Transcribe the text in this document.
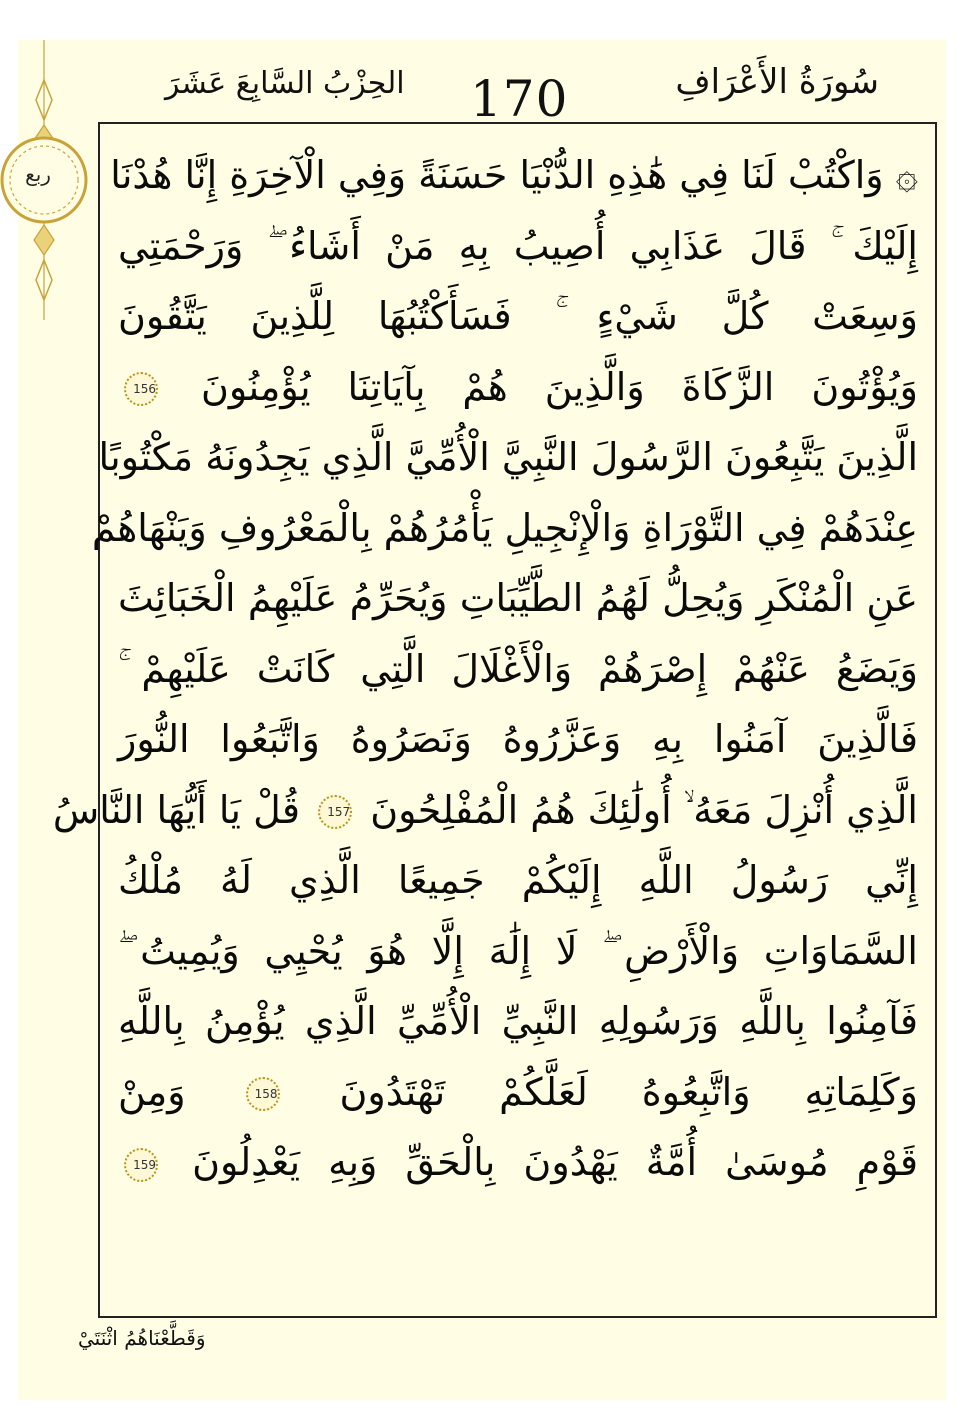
ربع
سُورَةُ الأَعْرَافِ
170
الحِزْبُ السَّابِعَ عَشَرَ
۞ وَاكْتُبْ لَنَا فِي هَٰذِهِ الدُّنْيَا حَسَنَةً وَفِي الْآخِرَةِ إِنَّا هُدْنَا
إِلَيْكَ ۚ قَالَ عَذَابِي أُصِيبُ بِهِ مَنْ أَشَاءُ ۖ وَرَحْمَتِي
وَسِعَتْ كُلَّ شَيْءٍ ۚ فَسَأَكْتُبُهَا لِلَّذِينَ يَتَّقُونَ
وَيُؤْتُونَ الزَّكَاةَ وَالَّذِينَ هُمْ بِآيَاتِنَا يُؤْمِنُونَ 156
الَّذِينَ يَتَّبِعُونَ الرَّسُولَ النَّبِيَّ الْأُمِّيَّ الَّذِي يَجِدُونَهُ مَكْتُوبًا
عِنْدَهُمْ فِي التَّوْرَاةِ وَالْإِنْجِيلِ يَأْمُرُهُمْ بِالْمَعْرُوفِ وَيَنْهَاهُمْ
عَنِ الْمُنْكَرِ وَيُحِلُّ لَهُمُ الطَّيِّبَاتِ وَيُحَرِّمُ عَلَيْهِمُ الْخَبَائِثَ
وَيَضَعُ عَنْهُمْ إِصْرَهُمْ وَالْأَغْلَالَ الَّتِي كَانَتْ عَلَيْهِمْ ۚ
فَالَّذِينَ آمَنُوا بِهِ وَعَزَّرُوهُ وَنَصَرُوهُ وَاتَّبَعُوا النُّورَ
الَّذِي أُنْزِلَ مَعَهُ ۙ أُولَٰئِكَ هُمُ الْمُفْلِحُونَ 157 قُلْ يَا أَيُّهَا النَّاسُ
إِنِّي رَسُولُ اللَّهِ إِلَيْكُمْ جَمِيعًا الَّذِي لَهُ مُلْكُ
السَّمَاوَاتِ وَالْأَرْضِ ۖ لَا إِلَٰهَ إِلَّا هُوَ يُحْيِي وَيُمِيتُ ۖ
فَآمِنُوا بِاللَّهِ وَرَسُولِهِ النَّبِيِّ الْأُمِّيِّ الَّذِي يُؤْمِنُ بِاللَّهِ
وَكَلِمَاتِهِ وَاتَّبِعُوهُ لَعَلَّكُمْ تَهْتَدُونَ 158 وَمِنْ
قَوْمِ مُوسَىٰ أُمَّةٌ يَهْدُونَ بِالْحَقِّ وَبِهِ يَعْدِلُونَ 159
وَقَطَّعْنَاهُمُ اثْنَتَيْ
